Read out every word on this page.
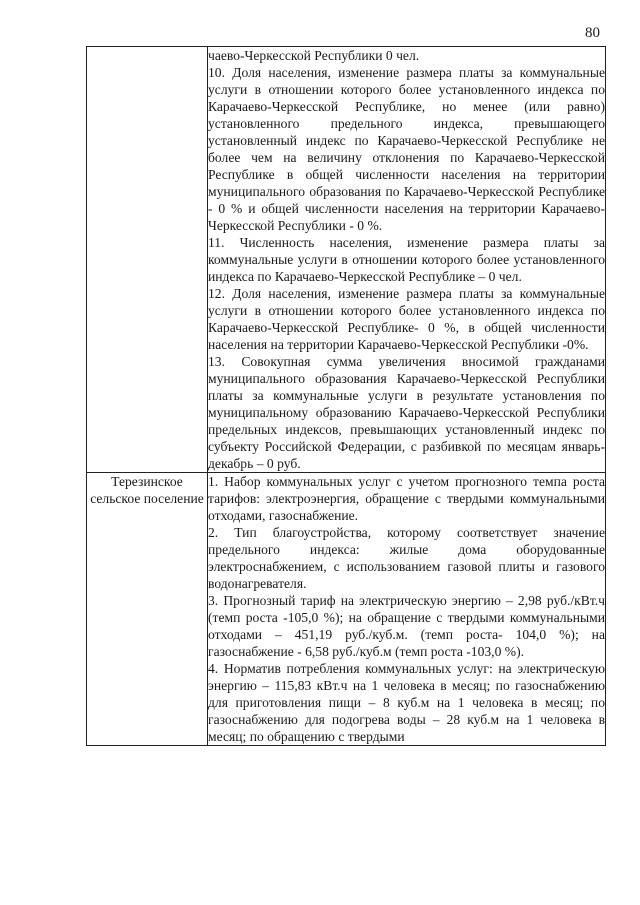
80

	чаево-Черкесской Республики 0 чел.

10. Доля населения, изменение размера платы за коммунальные услуги в отношении которого более установленного индекса по Карачаево-Черкесской Республике, но менее (или равно) установленного предельного индекса, превышающего установленный индекс по Карачаево-Черкесской Республике не более чем на величину отклонения по Карачаево-Черкесской Республике в общей численности населения на территории муниципального образования по Карачаево-Черкесской Республике - 0 % и общей численности населения на территории Карачаево-Черкесской Республики - 0 %.

11. Численность населения, изменение размера платы за коммунальные услуги в отношении которого более установленного индекса по Карачаево-Черкесской Республике – 0 чел.

12. Доля населения, изменение размера платы за коммунальные услуги в отношении которого более установленного индекса по Карачаево-Черкесской Республике- 0 %, в общей численности населения на территории Карачаево-Черкесской Республики -0%.

13. Совокупная сумма увеличения вносимой гражданами муниципального образования Карачаево-Черкесской Республики платы за коммунальные услуги в результате установления по муниципальному образованию Карачаево-Черкесской Республики предельных индексов, превышающих установленный индекс по субъекту Российской Федерации, с разбивкой по месяцам январь-декабрь – 0 руб.

Терезинское сельское поселение	1. Набор коммунальных услуг с учетом прогнозного темпа роста тарифов: электроэнергия, обращение с твердыми коммунальными отходами, газоснабжение.

2. Тип благоустройства, которому соответствует значение предельного индекса: жилые дома оборудованные электроснабжением, с использованием газовой плиты и газового водонагревателя.

3. Прогнозный тариф на электрическую энергию – 2,98 руб./кВт.ч (темп роста -105,0 %); на обращение с твердыми коммунальными отходами – 451,19 руб./куб.м. (темп роста- 104,0 %); на газоснабжение - 6,58 руб./куб.м (темп роста -103,0 %).

4. Норматив потребления коммунальных услуг: на электрическую энергию – 115,83 кВт.ч на 1 человека в месяц; по газоснабжению для приготовления пищи – 8 куб.м на 1 человека в месяц; по газоснабжению для подогрева воды – 28 куб.м на 1 человека в месяц; по обращению с твердыми
